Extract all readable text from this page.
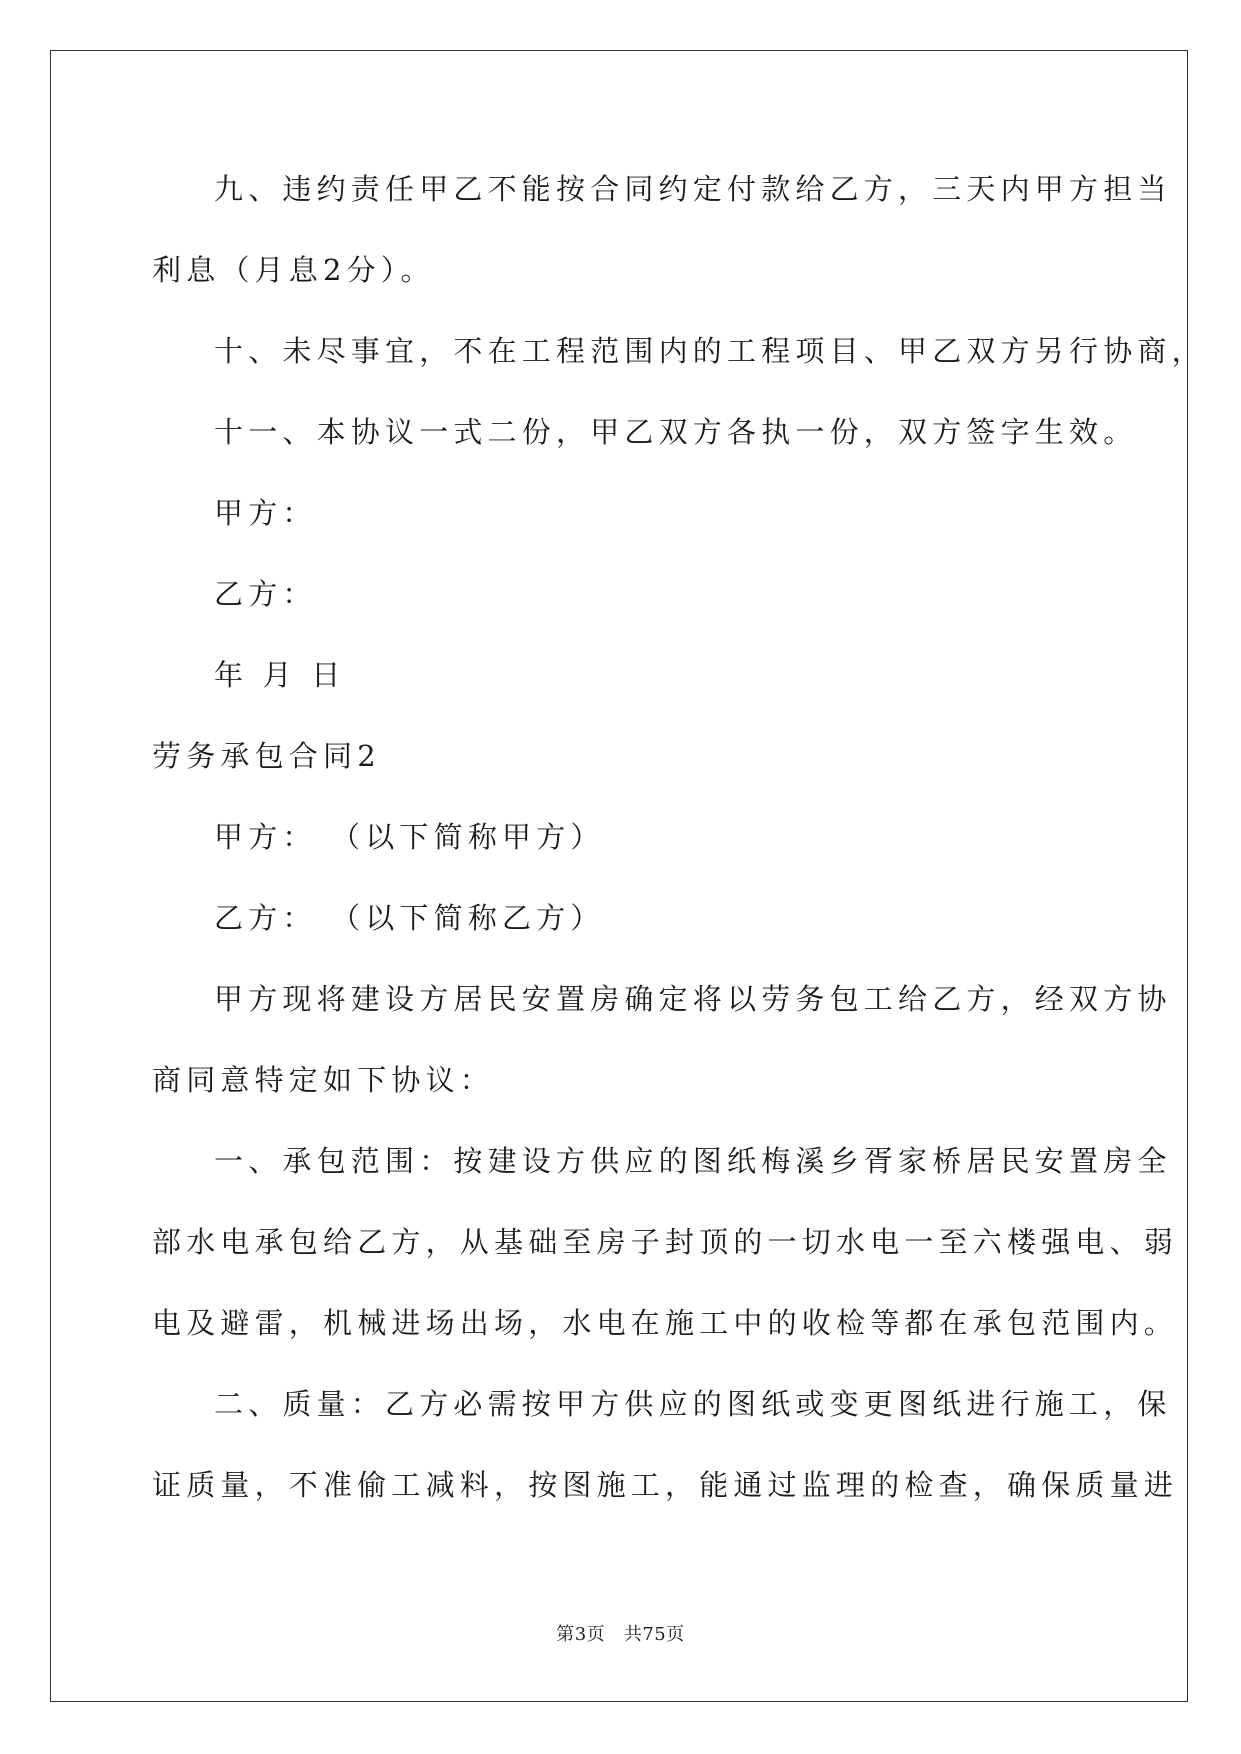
九、违约责任甲乙不能按合同约定付款给乙方，三天内甲方担当
利息（月息2分）。
十、未尽事宜，不在工程范围内的工程项目、甲乙双方另行协商，
十一、本协议一式二份，甲乙双方各执一份，双方签字生效。
甲方：
乙方：
年 月 日
劳务承包合同2
甲方： （以下简称甲方）
乙方： （以下简称乙方）
甲方现将建设方居民安置房确定将以劳务包工给乙方，经双方协
商同意特定如下协议：
一、承包范围：按建设方供应的图纸梅溪乡胥家桥居民安置房全
部水电承包给乙方，从基础至房子封顶的一切水电一至六楼强电、弱
电及避雷，机械进场出场，水电在施工中的收检等都在承包范围内。
二、质量：乙方必需按甲方供应的图纸或变更图纸进行施工，保
证质量，不准偷工减料，按图施工，能通过监理的检查，确保质量进
第3页   共75页
